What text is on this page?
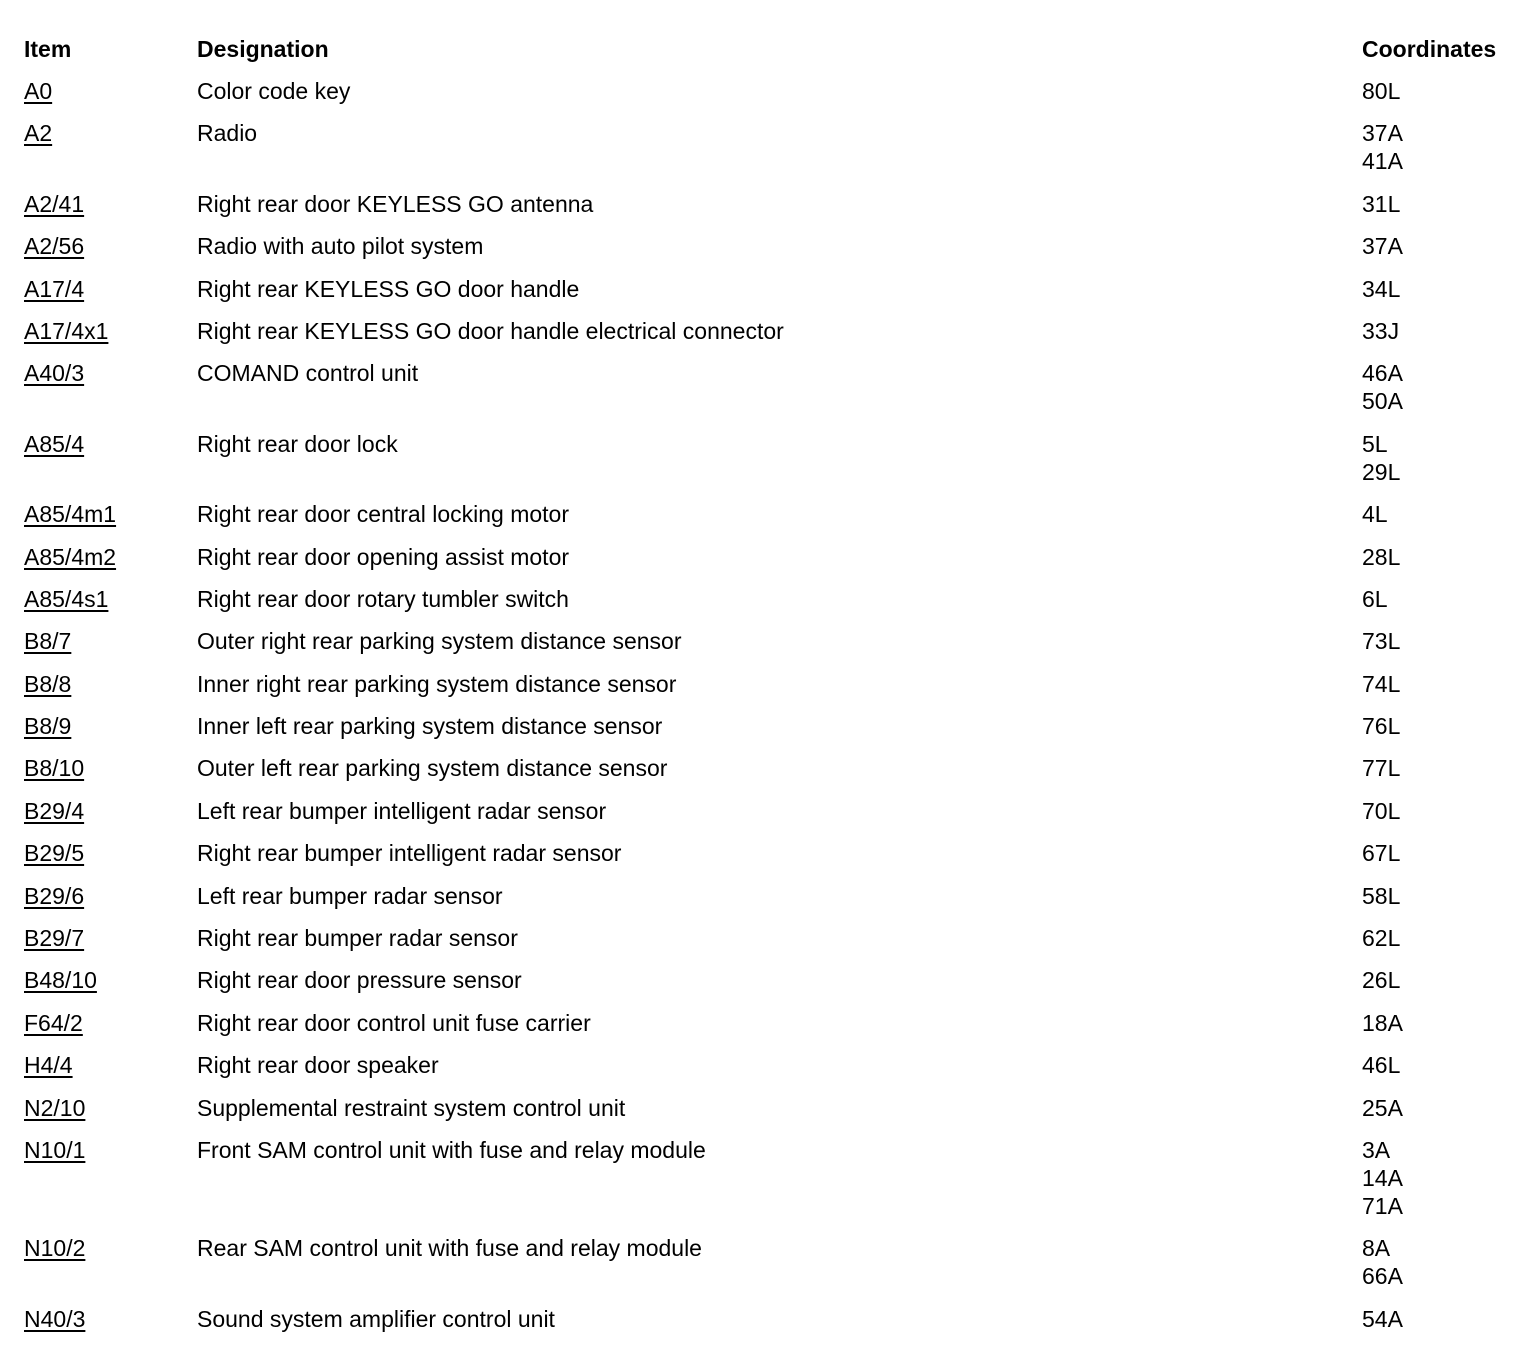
Item	Designation	Coordinates
A0	Color code key	80L
A2	Radio	37A
41A
A2/41	Right rear door KEYLESS GO antenna	31L
A2/56	Radio with auto pilot system	37A
A17/4	Right rear KEYLESS GO door handle	34L
A17/4x1	Right rear KEYLESS GO door handle electrical connector	33J
A40/3	COMAND control unit	46A
50A
A85/4	Right rear door lock	5L
29L
A85/4m1	Right rear door central locking motor	4L
A85/4m2	Right rear door opening assist motor	28L
A85/4s1	Right rear door rotary tumbler switch	6L
B8/7	Outer right rear parking system distance sensor	73L
B8/8	Inner right rear parking system distance sensor	74L
B8/9	Inner left rear parking system distance sensor	76L
B8/10	Outer left rear parking system distance sensor	77L
B29/4	Left rear bumper intelligent radar sensor	70L
B29/5	Right rear bumper intelligent radar sensor	67L
B29/6	Left rear bumper radar sensor	58L
B29/7	Right rear bumper radar sensor	62L
B48/10	Right rear door pressure sensor	26L
F64/2	Right rear door control unit fuse carrier	18A
H4/4	Right rear door speaker	46L
N2/10	Supplemental restraint system control unit	25A
N10/1	Front SAM control unit with fuse and relay module	3A
14A
71A
N10/2	Rear SAM control unit with fuse and relay module	8A
66A
N40/3	Sound system amplifier control unit	54A
